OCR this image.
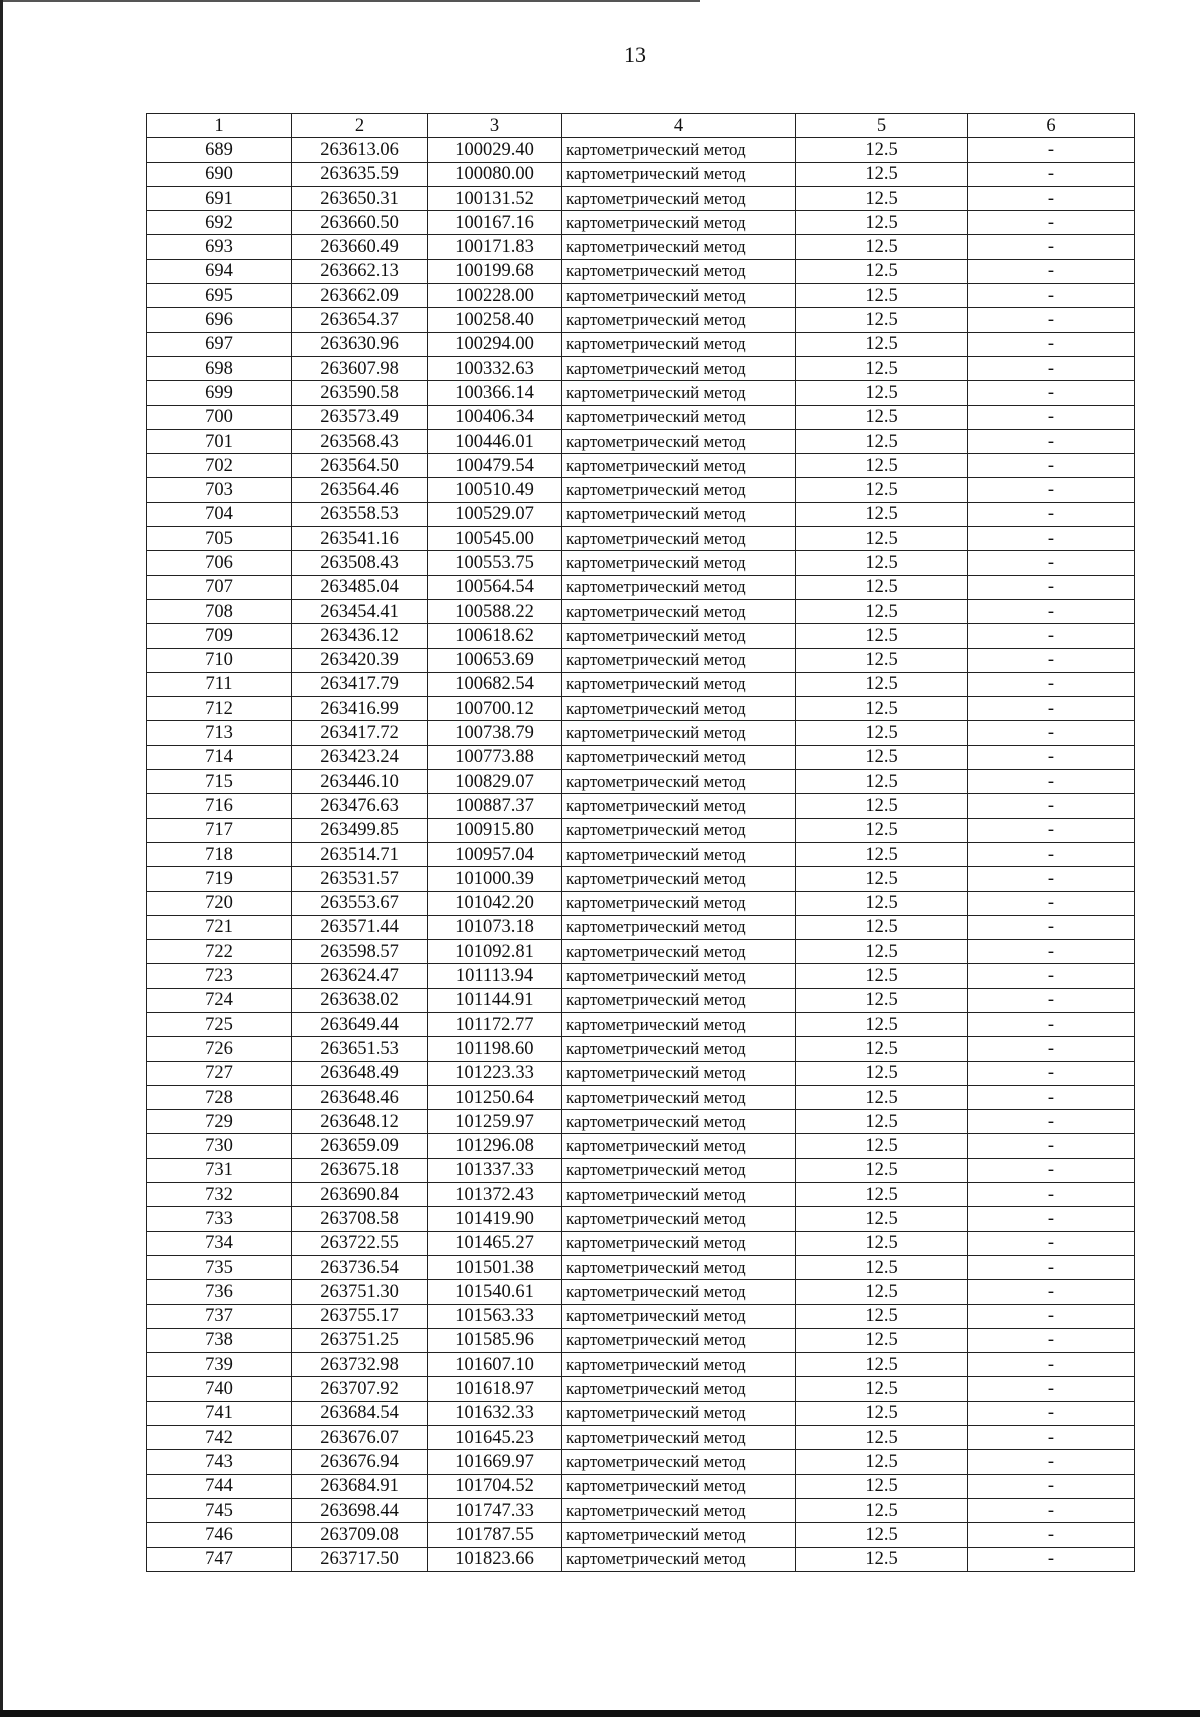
13
1	2	3	4	5	6
689	263613.06	100029.40	картометрический метод	12.5	-
690	263635.59	100080.00	картометрический метод	12.5	-
691	263650.31	100131.52	картометрический метод	12.5	-
692	263660.50	100167.16	картометрический метод	12.5	-
693	263660.49	100171.83	картометрический метод	12.5	-
694	263662.13	100199.68	картометрический метод	12.5	-
695	263662.09	100228.00	картометрический метод	12.5	-
696	263654.37	100258.40	картометрический метод	12.5	-
697	263630.96	100294.00	картометрический метод	12.5	-
698	263607.98	100332.63	картометрический метод	12.5	-
699	263590.58	100366.14	картометрический метод	12.5	-
700	263573.49	100406.34	картометрический метод	12.5	-
701	263568.43	100446.01	картометрический метод	12.5	-
702	263564.50	100479.54	картометрический метод	12.5	-
703	263564.46	100510.49	картометрический метод	12.5	-
704	263558.53	100529.07	картометрический метод	12.5	-
705	263541.16	100545.00	картометрический метод	12.5	-
706	263508.43	100553.75	картометрический метод	12.5	-
707	263485.04	100564.54	картометрический метод	12.5	-
708	263454.41	100588.22	картометрический метод	12.5	-
709	263436.12	100618.62	картометрический метод	12.5	-
710	263420.39	100653.69	картометрический метод	12.5	-
711	263417.79	100682.54	картометрический метод	12.5	-
712	263416.99	100700.12	картометрический метод	12.5	-
713	263417.72	100738.79	картометрический метод	12.5	-
714	263423.24	100773.88	картометрический метод	12.5	-
715	263446.10	100829.07	картометрический метод	12.5	-
716	263476.63	100887.37	картометрический метод	12.5	-
717	263499.85	100915.80	картометрический метод	12.5	-
718	263514.71	100957.04	картометрический метод	12.5	-
719	263531.57	101000.39	картометрический метод	12.5	-
720	263553.67	101042.20	картометрический метод	12.5	-
721	263571.44	101073.18	картометрический метод	12.5	-
722	263598.57	101092.81	картометрический метод	12.5	-
723	263624.47	101113.94	картометрический метод	12.5	-
724	263638.02	101144.91	картометрический метод	12.5	-
725	263649.44	101172.77	картометрический метод	12.5	-
726	263651.53	101198.60	картометрический метод	12.5	-
727	263648.49	101223.33	картометрический метод	12.5	-
728	263648.46	101250.64	картометрический метод	12.5	-
729	263648.12	101259.97	картометрический метод	12.5	-
730	263659.09	101296.08	картометрический метод	12.5	-
731	263675.18	101337.33	картометрический метод	12.5	-
732	263690.84	101372.43	картометрический метод	12.5	-
733	263708.58	101419.90	картометрический метод	12.5	-
734	263722.55	101465.27	картометрический метод	12.5	-
735	263736.54	101501.38	картометрический метод	12.5	-
736	263751.30	101540.61	картометрический метод	12.5	-
737	263755.17	101563.33	картометрический метод	12.5	-
738	263751.25	101585.96	картометрический метод	12.5	-
739	263732.98	101607.10	картометрический метод	12.5	-
740	263707.92	101618.97	картометрический метод	12.5	-
741	263684.54	101632.33	картометрический метод	12.5	-
742	263676.07	101645.23	картометрический метод	12.5	-
743	263676.94	101669.97	картометрический метод	12.5	-
744	263684.91	101704.52	картометрический метод	12.5	-
745	263698.44	101747.33	картометрический метод	12.5	-
746	263709.08	101787.55	картометрический метод	12.5	-
747	263717.50	101823.66	картометрический метод	12.5	-
